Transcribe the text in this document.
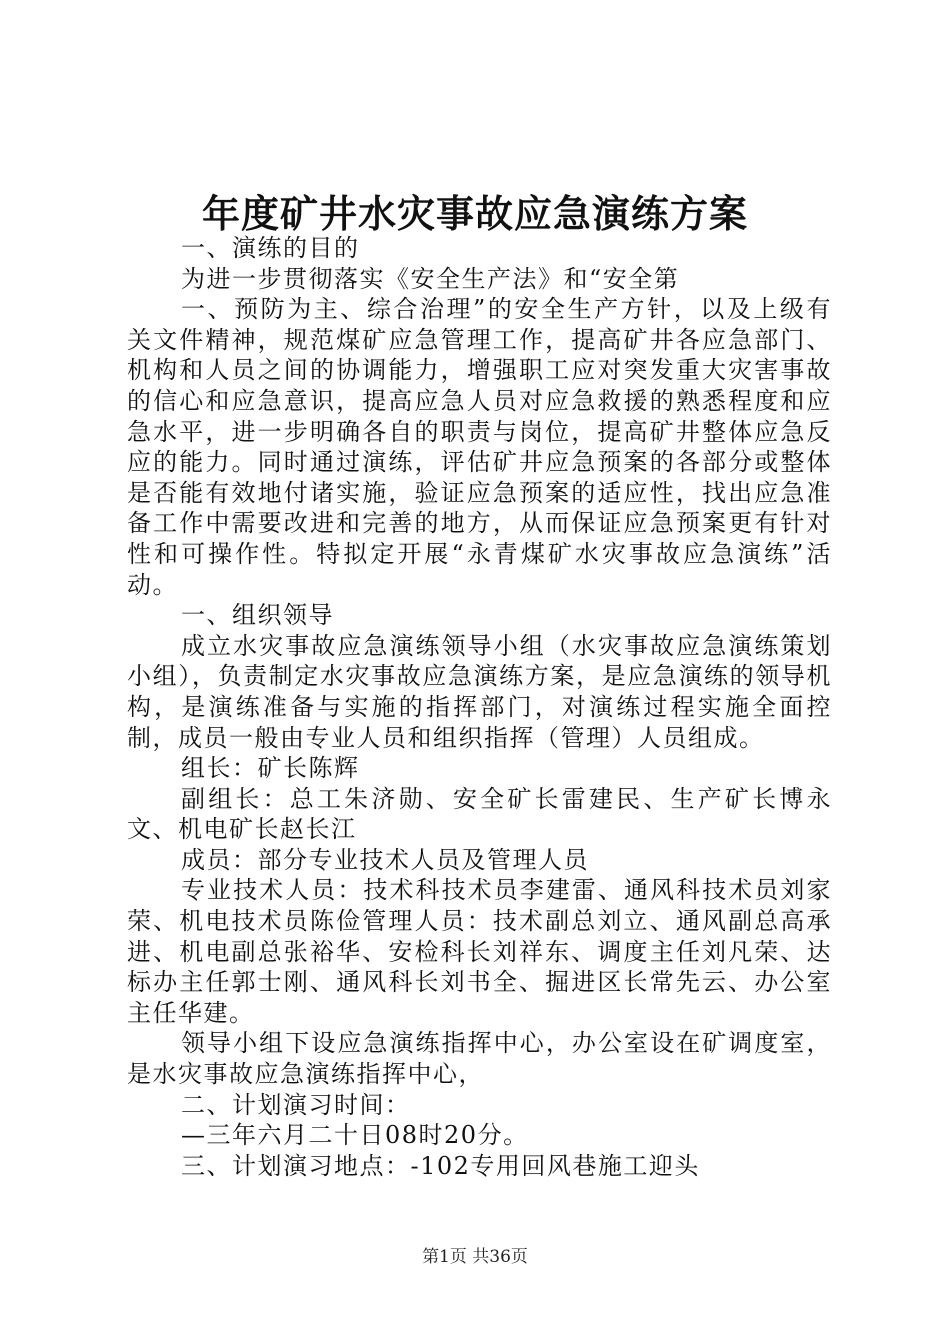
年度矿井水灾事故应急演练方案

一、演练的目的

为进一步贯彻落实《安全生产法》和“安全第

一、预防为主、综合治理”的安全生产方针，以及上级有关文件精神，规范煤矿应急管理工作，提高矿井各应急部门、机构和人员之间的协调能力，增强职工应对突发重大灾害事故的信心和应急意识，提高应急人员对应急救援的熟悉程度和应急水平，进一步明确各自的职责与岗位，提高矿井整体应急反应的能力。同时通过演练，评估矿井应急预案的各部分或整体是否能有效地付诸实施，验证应急预案的适应性，找出应急准备工作中需要改进和完善的地方，从而保证应急预案更有针对性和可操作性。特拟定开展“永青煤矿水灾事故应急演练”活动。

一、组织领导

成立水灾事故应急演练领导小组（水灾事故应急演练策划小组），负责制定水灾事故应急演练方案，是应急演练的领导机构，是演练准备与实施的指挥部门，对演练过程实施全面控制，成员一般由专业人员和组织指挥（管理）人员组成。

组长：矿长陈辉

副组长：总工朱济勋、安全矿长雷建民、生产矿长博永文、机电矿长赵长江

成员：部分专业技术人员及管理人员

专业技术人员：技术科技术员李建雷、通风科技术员刘家荣、机电技术员陈俭管理人员：技术副总刘立、通风副总高承进、机电副总张裕华、安检科长刘祥东、调度主任刘凡荣、达标办主任郭士刚、通风科长刘书全、掘进区长常先云、办公室主任华建。

领导小组下设应急演练指挥中心，办公室设在矿调度室，是水灾事故应急演练指挥中心，

二、计划演习时间：

—三年六月二十日08时20分。

三、计划演习地点：-102专用回风巷施工迎头

第1页 共36页
